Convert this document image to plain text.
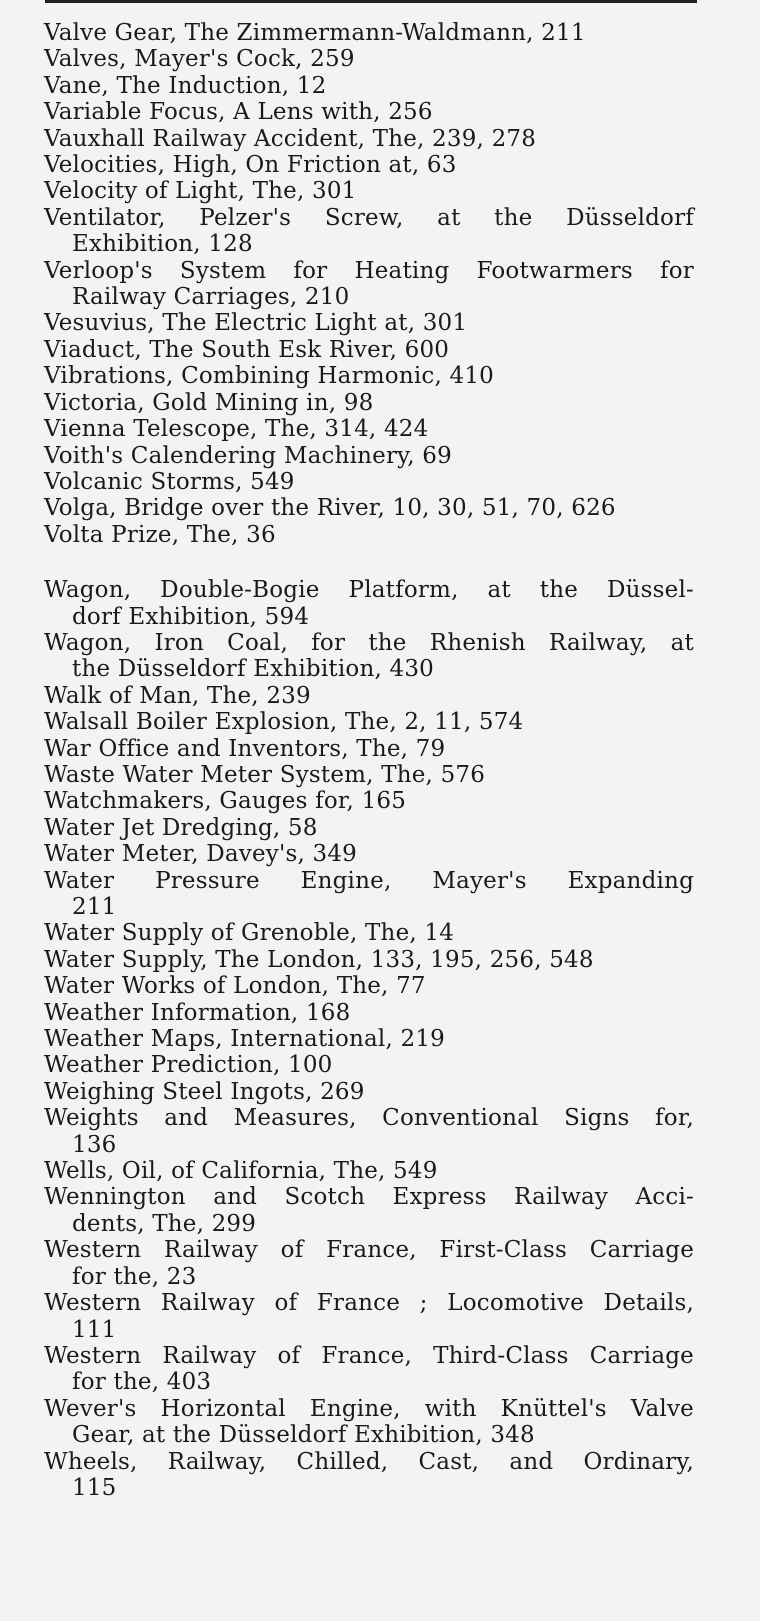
Valve Gear, The Zimmermann-Waldmann, 211
Valves, Mayer's Cock, 259
Vane, The Induction, 12
Variable Focus, A Lens with, 256
Vauxhall Railway Accident, The, 239, 278
Velocities, High, On Friction at, 63
Velocity of Light, The, 301
Ventilator, Pelzer's Screw, at the Düsseldorf
Exhibition, 128
Verloop's System for Heating Footwarmers for
Railway Carriages, 210
Vesuvius, The Electric Light at, 301
Viaduct, The South Esk River, 600
Vibrations, Combining Harmonic, 410
Victoria, Gold Mining in, 98
Vienna Telescope, The, 314, 424
Voith's Calendering Machinery, 69
Volcanic Storms, 549
Volga, Bridge over the River, 10, 30, 51, 70, 626
Volta Prize, The, 36
Wagon, Double-Bogie Platform, at the Düssel-
dorf Exhibition, 594
Wagon, Iron Coal, for the Rhenish Railway, at
the Düsseldorf Exhibition, 430
Walk of Man, The, 239
Walsall Boiler Explosion, The, 2, 11, 574
War Office and Inventors, The, 79
Waste Water Meter System, The, 576
Watchmakers, Gauges for, 165
Water Jet Dredging, 58
Water Meter, Davey's, 349
Water Pressure Engine, Mayer's Expanding
211
Water Supply of Grenoble, The, 14
Water Supply, The London, 133, 195, 256, 548
Water Works of London, The, 77
Weather Information, 168
Weather Maps, International, 219
Weather Prediction, 100
Weighing Steel Ingots, 269
Weights and Measures, Conventional Signs for,
136
Wells, Oil, of California, The, 549
Wennington and Scotch Express Railway Acci-
dents, The, 299
Western Railway of France, First-Class Carriage
for the, 23
Western Railway of France ; Locomotive Details,
111
Western Railway of France, Third-Class Carriage
for the, 403
Wever's Horizontal Engine, with Knüttel's Valve
Gear, at the Düsseldorf Exhibition, 348
Wheels, Railway, Chilled, Cast, and Ordinary,
115
